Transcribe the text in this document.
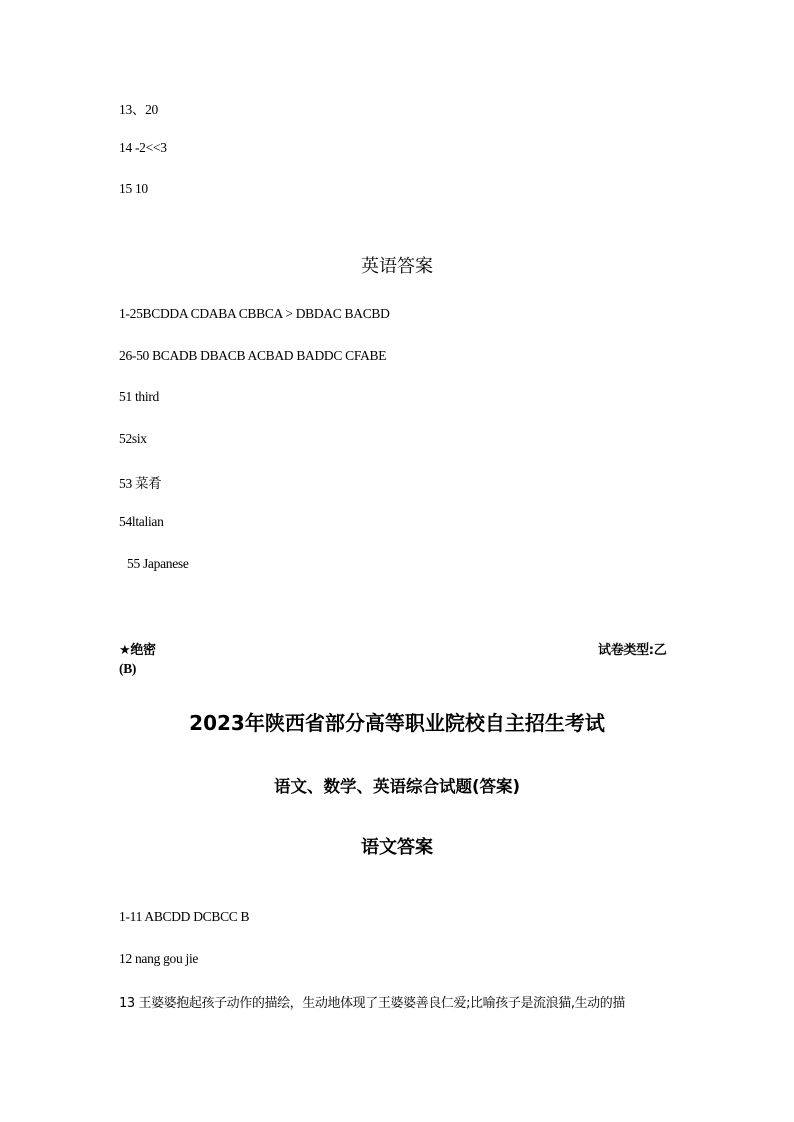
13、20
14 -2<<3
15 10
英语答案
1-25BCDDA CDABA CBBCA > DBDAC BACBD
26-50 BCADB DBACB ACBAD BADDC CFABE
51 third
52six
53 菜肴
54ltalian
55 Japanese
★绝密	试卷类型:乙
(B)
2023年陕西省部分高等职业院校自主招生考试
语文、数学、英语综合试题(答案)
语文答案
1-11 ABCDD DCBCC B
12 nang gou jie
13 王婆婆抱起孩子动作的描绘，生动地体现了王婆婆善良仁爱;比喻孩子是流浪猫,生动的描
